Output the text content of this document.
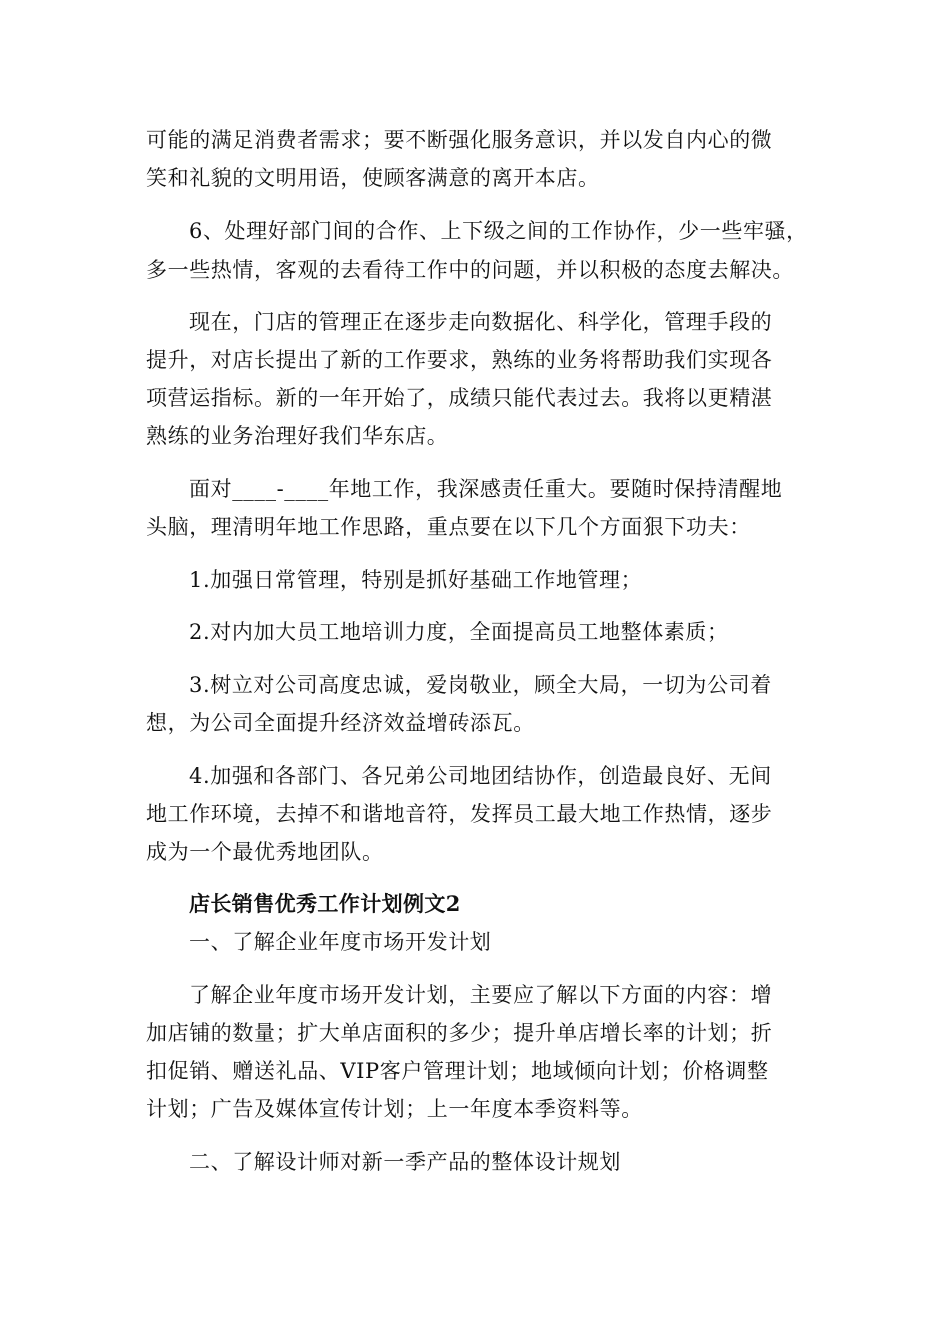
可能的满足消费者需求；要不断强化服务意识，并以发自内心的微

笑和礼貌的文明用语，使顾客满意的离开本店。

6、处理好部门间的合作、上下级之间的工作协作，少一些牢骚，

多一些热情，客观的去看待工作中的问题，并以积极的态度去解决。

现在，门店的管理正在逐步走向数据化、科学化，管理手段的

提升，对店长提出了新的工作要求，熟练的业务将帮助我们实现各

项营运指标。新的一年开始了，成绩只能代表过去。我将以更精湛

熟练的业务治理好我们华东店。

面对____-____年地工作，我深感责任重大。要随时保持清醒地

头脑，理清明年地工作思路，重点要在以下几个方面狠下功夫：

1.加强日常管理，特别是抓好基础工作地管理；

2.对内加大员工地培训力度，全面提高员工地整体素质；

3.树立对公司高度忠诚，爱岗敬业，顾全大局，一切为公司着

想，为公司全面提升经济效益增砖添瓦。

4.加强和各部门、各兄弟公司地团结协作，创造最良好、无间

地工作环境，去掉不和谐地音符，发挥员工最大地工作热情，逐步

成为一个最优秀地团队。

店长销售优秀工作计划例文2

一、了解企业年度市场开发计划

了解企业年度市场开发计划，主要应了解以下方面的内容：增

加店铺的数量；扩大单店面积的多少；提升单店增长率的计划；折

扣促销、赠送礼品、VIP客户管理计划；地域倾向计划；价格调整

计划；广告及媒体宣传计划；上一年度本季资料等。

二、了解设计师对新一季产品的整体设计规划
